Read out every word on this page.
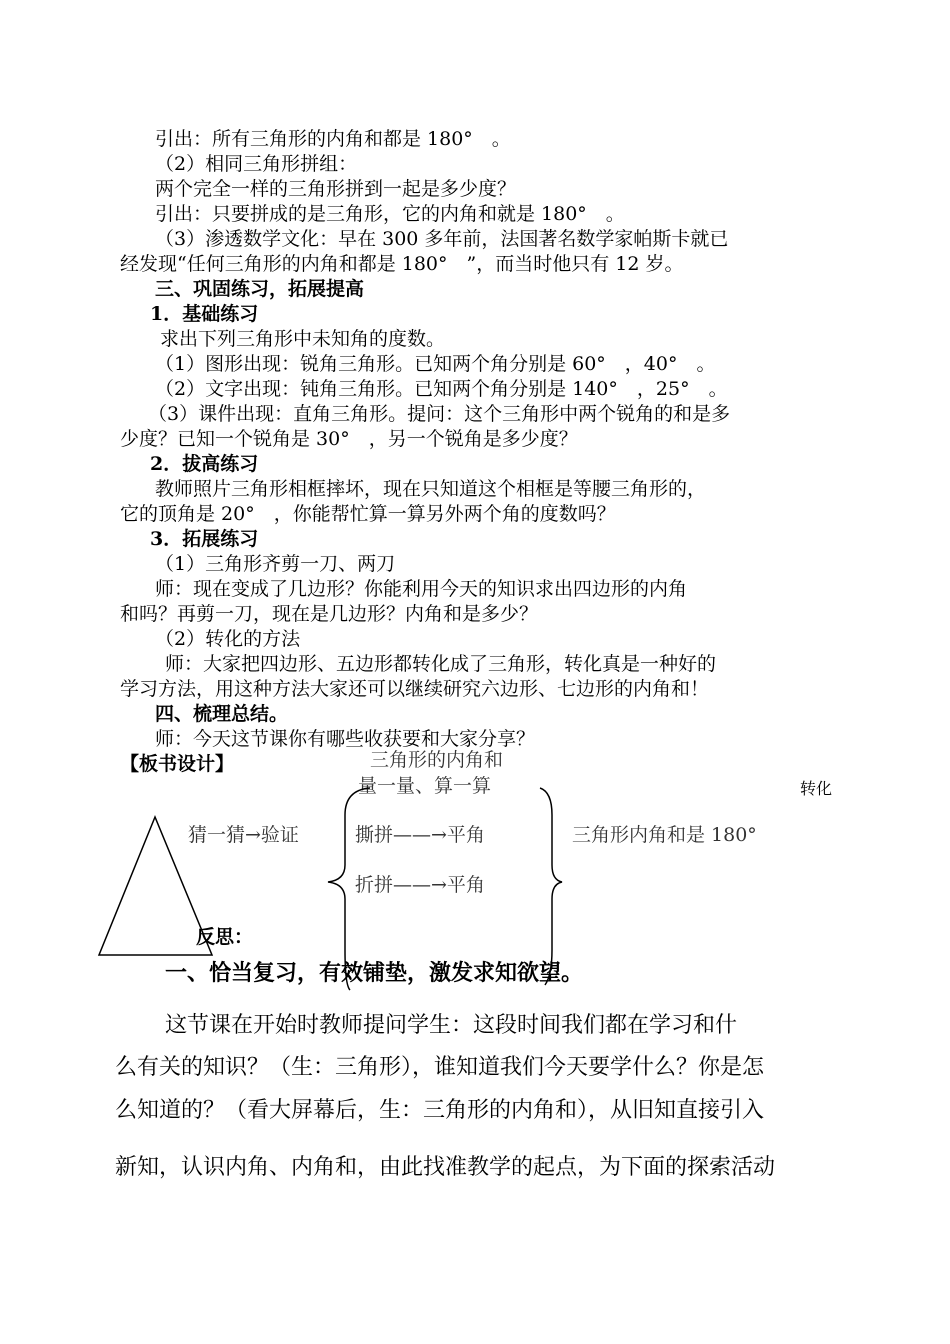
引出：所有三角形的内角和都是 180°　。
（2）相同三角形拼组：
两个完全一样的三角形拼到一起是多少度？
引出：只要拼成的是三角形，它的内角和就是 180°　。
（3）渗透数学文化：早在 300 多年前，法国著名数学家帕斯卡就已
经发现“任何三角形的内角和都是 180°　”，而当时他只有 12 岁。
三、巩固练习，拓展提高
1．基础练习
求出下列三角形中未知角的度数。
（1）图形出现：锐角三角形。已知两个角分别是 60°　，40°　。
（2）文字出现：钝角三角形。已知两个角分别是 140°　，25°　。
（3）课件出现：直角三角形。提问：这个三角形中两个锐角的和是多
少度？已知一个锐角是 30°　，另一个锐角是多少度？
2．拔高练习
教师照片三角形相框摔坏，现在只知道这个相框是等腰三角形的，
它的顶角是 20°　，你能帮忙算一算另外两个角的度数吗？
3．拓展练习
（1）三角形齐剪一刀、两刀
师：现在变成了几边形？你能利用今天的知识求出四边形的内角
和吗？再剪一刀，现在是几边形？内角和是多少？
（2）转化的方法
师：大家把四边形、五边形都转化成了三角形，转化真是一种好的
学习方法，用这种方法大家还可以继续研究六边形、七边形的内角和！
四、梳理总结。
师：今天这节课你有哪些收获要和大家分享？
【板书设计】	三角形的内角和
量一量、算一算	转化
猜一猜→验证	撕拼——→平角	三角形内角和是 180°
折拼——→平角
反思：
一、恰当复习，有效铺垫，激发求知欲望。
这节课在开始时教师提问学生：这段时间我们都在学习和什
么有关的知识？（生：三角形），谁知道我们今天要学什么？你是怎
么知道的？（看大屏幕后，生：三角形的内角和），从旧知直接引入
新知，认识内角、内角和，由此找准教学的起点，为下面的探索活动
